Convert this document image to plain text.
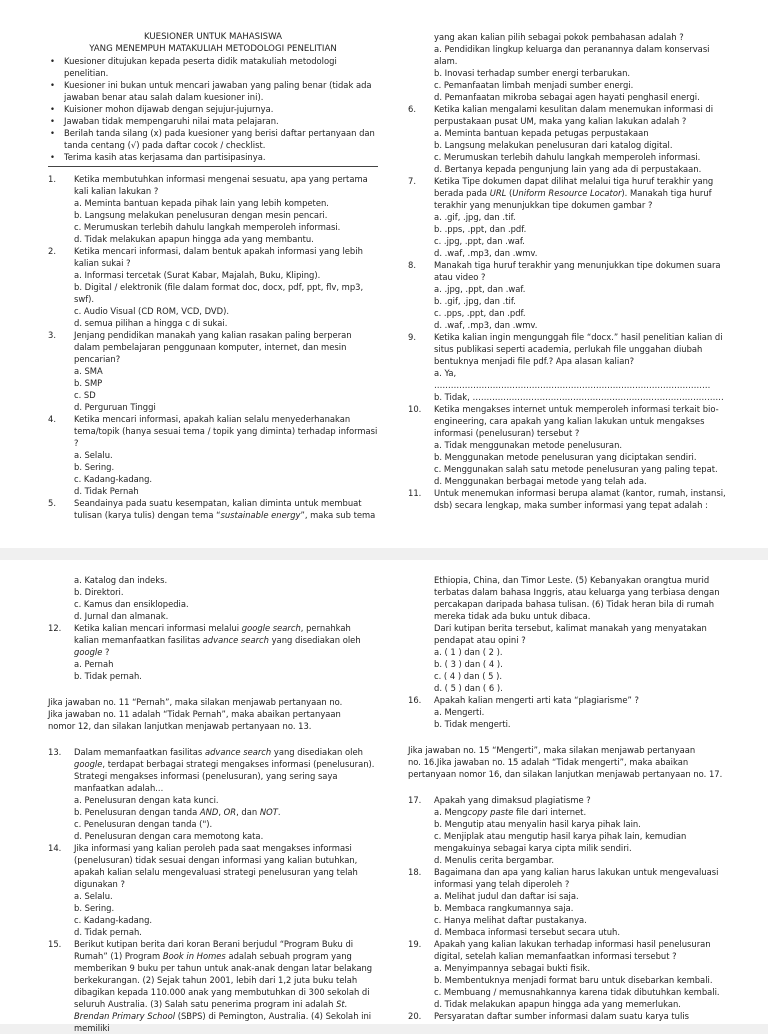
KUESIONER UNTUK MAHASISWA
YANG MENEMPUH MATAKULIAH METODOLOGI PENELITIAN
• Kuesioner ditujukan kepada peserta didik matakuliah metodologi penelitian.
• Kuesioner ini bukan untuk mencari jawaban yang paling benar (tidak ada jawaban benar atau salah dalam kuesioner ini).
• Kuisioner mohon dijawab dengan sejujur-jujurnya.
• Jawaban tidak mempengaruhi nilai mata pelajaran.
• Berilah tanda silang (x) pada kuesioner yang berisi daftar pertanyaan dan tanda centang (√) pada daftar cocok / checklist.
• Terima kasih atas kerjasama dan partisipasinya.
1. Ketika membutuhkan informasi mengenai sesuatu, apa yang pertama kali kalian lakukan ?
a. Meminta bantuan kepada pihak lain yang lebih kompeten.
b. Langsung melakukan penelusuran dengan mesin pencari.
c. Merumuskan terlebih dahulu langkah memperoleh informasi.
d. Tidak melakukan apapun hingga ada yang membantu.
2. Ketika mencari informasi, dalam bentuk apakah informasi yang lebih kalian sukai ?
a. Informasi tercetak (Surat Kabar, Majalah, Buku, Kliping).
b. Digital / elektronik (file dalam format doc, docx, pdf, ppt, flv, mp3, swf).
c. Audio Visual (CD ROM, VCD, DVD).
d. semua pilihan a hingga c di sukai.
3. Jenjang pendidikan manakah yang kalian rasakan paling berperan dalam pembelajaran penggunaan komputer, internet, dan mesin pencarian?
a. SMA
b. SMP
c. SD
d. Perguruan Tinggi
4. Ketika mencari informasi, apakah kalian selalu menyederhanakan tema/topik (hanya sesuai tema / topik yang diminta) terhadap informasi ?
a. Selalu.
b. Sering.
c. Kadang-kadang.
d. Tidak Pernah
5. Seandainya pada suatu kesempatan, kalian diminta untuk membuat tulisan (karya tulis) dengan tema “sustainable energy”, maka sub tema
yang akan kalian pilih sebagai pokok pembahasan adalah ?
a. Pendidikan lingkup keluarga dan peranannya dalam konservasi alam.
b. Inovasi terhadap sumber energi terbarukan.
c. Pemanfaatan limbah menjadi sumber energi.
d. Pemanfaatan mikroba sebagai agen hayati penghasil energi.
6. Ketika kalian mengalami kesulitan dalam menemukan informasi di perpustakaan pusat UM, maka yang kalian lakukan adalah ?
a. Meminta bantuan kepada petugas perpustakaan
b. Langsung melakukan penelusuran dari katalog digital.
c. Merumuskan terlebih dahulu langkah memperoleh informasi.
d. Bertanya kepada pengunjung lain yang ada di perpustakaan.
7. Ketika Tipe dokumen dapat dilihat melalui tiga huruf terakhir yang berada pada URL (Uniform Resource Locator). Manakah tiga huruf terakhir yang menunjukkan tipe dokumen gambar ?
a. .gif, .jpg, dan .tif.
b. .pps, .ppt, dan .pdf.
c. .jpg, .ppt, dan .waf.
d. .waf, .mp3, dan .wmv.
8. Manakah tiga huruf terakhir yang menunjukkan tipe dokumen suara atau video ?
a. .jpg, .ppt, dan .waf.
b. .gif, .jpg, dan .tif.
c. .pps, .ppt, dan .pdf.
d. .waf, .mp3, dan .wmv.
9. Ketika kalian ingin mengunggah file “docx.” hasil penelitian kalian di situs publikasi seperti academia, perlukah file unggahan diubah bentuknya menjadi file pdf.? Apa alasan kalian?
a. Ya, ………………………………………………………………………………………
b. Tidak, ………………………………………………………………………………
10. Ketika mengakses internet untuk memperoleh informasi terkait bio-engineering, cara apakah yang kalian lakukan untuk mengakses informasi (penelusuran) tersebut ?
a. Tidak menggunakan metode penelusuran.
b. Menggunakan metode penelusuran yang diciptakan sendiri.
c. Menggunakan salah satu metode penelusuran yang paling tepat.
d. Menggunakan berbagai metode yang telah ada.
11. Untuk menemukan informasi berupa alamat (kantor, rumah, instansi, dsb) secara lengkap, maka sumber informasi yang tepat adalah :
a. Katalog dan indeks.
b. Direktori.
c. Kamus dan ensiklopedia.
d. Jurnal dan almanak.
12. Ketika kalian mencari informasi melalui google search, pernahkah kalian memanfaatkan fasilitas advance search yang disediakan oleh google ?
a. Pernah
b. Tidak pernah.
Jika jawaban no. 11 “Pernah”, maka silakan menjawab pertanyaan no.
Jika jawaban no. 11 adalah “Tidak Pernah”, maka abaikan pertanyaan
nomor 12, dan silakan lanjutkan menjawab pertanyaan no. 13.
13. Dalam memanfaatkan fasilitas advance search yang disediakan oleh google, terdapat berbagai strategi mengakses informasi (penelusuran). Strategi mengakses informasi (penelusuran), yang sering saya manfaatkan adalah...
a. Penelusuran dengan kata kunci.
b. Penelusuran dengan tanda AND, OR, dan NOT.
c. Penelusuran dengan tanda (").
d. Penelusuran dengan cara memotong kata.
14. Jika informasi yang kalian peroleh pada saat mengakses informasi (penelusuran) tidak sesuai dengan informasi yang kalian butuhkan, apakah kalian selalu mengevaluasi strategi penelusuran yang telah digunakan ?
a. Selalu.
b. Sering.
c. Kadang-kadang.
d. Tidak pernah.
15. Berikut kutipan berita dari koran Berani berjudul “Program Buku di Rumah” (1) Program Book in Homes adalah sebuah program yang memberikan 9 buku per tahun untuk anak-anak dengan latar belakang berkekurangan. (2) Sejak tahun 2001, lebih dari 1,2 juta buku telah dibagikan kepada 110.000 anak yang membutuhkan di 300 sekolah di seluruh Australia. (3) Salah satu penerima program ini adalah St. Brendan Primary School (SBPS) di Pemington, Australia. (4) Sekolah ini memiliki
Ethiopia, China, dan Timor Leste. (5) Kebanyakan orangtua murid terbatas dalam bahasa Inggris, atau keluarga yang terbiasa dengan percakapan daripada bahasa tulisan. (6) Tidak heran bila di rumah mereka tidak ada buku untuk dibaca.
Dari kutipan berita tersebut, kalimat manakah yang menyatakan pendapat atau opini ?
a. ( 1 ) dan ( 2 ).
b. ( 3 ) dan ( 4 ).
c. ( 4 ) dan ( 5 ).
d. ( 5 ) dan ( 6 ).
16. Apakah kalian mengerti arti kata “plagiarisme” ?
a. Mengerti.
b. Tidak mengerti.
Jika jawaban no. 15 “Mengerti”, maka silakan menjawab pertanyaan
no. 16.Jika jawaban no. 15 adalah “Tidak mengerti”, maka abaikan
pertanyaan nomor 16, dan silakan lanjutkan menjawab pertanyaan no. 17.
17. Apakah yang dimaksud plagiatisme ?
a. Mengcopy paste file dari internet.
b. Mengutip atau menyalin hasil karya pihak lain.
c. Menjiplak atau mengutip hasil karya pihak lain, kemudian mengakuinya sebagai karya cipta milik sendiri.
d. Menulis cerita bergambar.
18. Bagaimana dan apa yang kalian harus lakukan untuk mengevaluasi informasi yang telah diperoleh ?
a. Melihat judul dan daftar isi saja.
b. Membaca rangkumannya saja.
c. Hanya melihat daftar pustakanya.
d. Membaca informasi tersebut secara utuh.
19. Apakah yang kalian lakukan terhadap informasi hasil penelusuran digital, setelah kalian memanfaatkan informasi tersebut ?
a. Menyimpannya sebagai bukti fisik.
b. Membentuknya menjadi format baru untuk disebarkan kembali.
c. Membuang / memusnahkannya karena tidak dibutuhkan kembali.
d. Tidak melakukan apapun hingga ada yang memerlukan.
20. Persyaratan daftar sumber informasi dalam suatu karya tulis
